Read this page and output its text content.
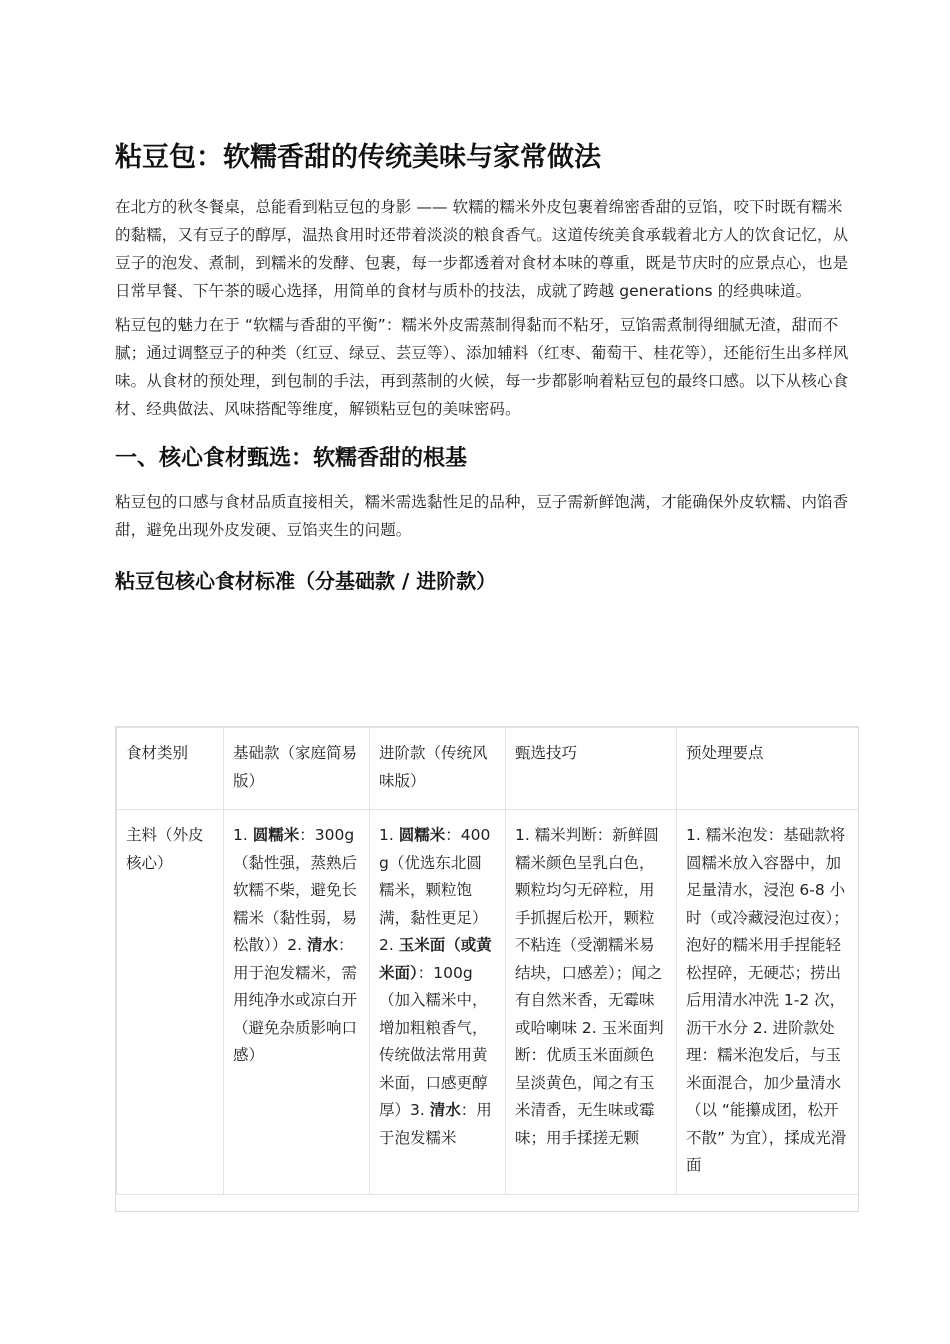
粘豆包：软糯香甜的传统美味与家常做法

在北方的秋冬餐桌，总能看到粘豆包的身影 —— 软糯的糯米外皮包裹着绵密香甜的豆馅，咬下时既有糯米的黏糯，又有豆子的醇厚，温热食用时还带着淡淡的粮食香气。这道传统美食承载着北方人的饮食记忆，从豆子的泡发、煮制，到糯米的发酵、包裹，每一步都透着对食材本味的尊重，既是节庆时的应景点心，也是日常早餐、下午茶的暖心选择，用简单的食材与质朴的技法，成就了跨越 generations 的经典味道。

粘豆包的魅力在于 “软糯与香甜的平衡”：糯米外皮需蒸制得黏而不粘牙，豆馅需煮制得细腻无渣，甜而不腻；通过调整豆子的种类（红豆、绿豆、芸豆等）、添加辅料（红枣、葡萄干、桂花等），还能衍生出多样风味。从食材的预处理，到包制的手法，再到蒸制的火候，每一步都影响着粘豆包的最终口感。以下从核心食材、经典做法、风味搭配等维度，解锁粘豆包的美味密码。

一、核心食材甄选：软糯香甜的根基

粘豆包的口感与食材品质直接相关，糯米需选黏性足的品种，豆子需新鲜饱满，才能确保外皮软糯、内馅香甜，避免出现外皮发硬、豆馅夹生的问题。

粘豆包核心食材标准（分基础款 / 进阶款）
食材类别	基础款（家庭简易版）	进阶款（传统风味版）	甄选技巧	预处理要点
主料（外皮核心）	1. 圆糯米：300g（黏性强，蒸熟后软糯不柴，避免长糯米（黏性弱，易松散））2. 清水：用于泡发糯米，需用纯净水或凉白开（避免杂质影响口感）	1. 圆糯米：400g（优选东北圆糯米，颗粒饱满，黏性更足）2. 玉米面（或黄米面）：100g（加入糯米中，增加粗粮香气，传统做法常用黄米面，口感更醇厚）3. 清水：用于泡发糯米	1. 糯米判断：新鲜圆糯米颜色呈乳白色，颗粒均匀无碎粒，用手抓握后松开，颗粒不粘连（受潮糯米易结块，口感差）；闻之有自然米香，无霉味或哈喇味 2. 玉米面判断：优质玉米面颜色呈淡黄色，闻之有玉米清香，无生味或霉味；用手揉搓无颗	1. 糯米泡发：基础款将圆糯米放入容器中，加足量清水，浸泡 6-8 小时（或冷藏浸泡过夜）；泡好的糯米用手捏能轻松捏碎，无硬芯；捞出后用清水冲洗 1-2 次，沥干水分 2. 进阶款处理：糯米泡发后，与玉米面混合，加少量清水（以 “能攥成团，松开不散” 为宜），揉成光滑面
